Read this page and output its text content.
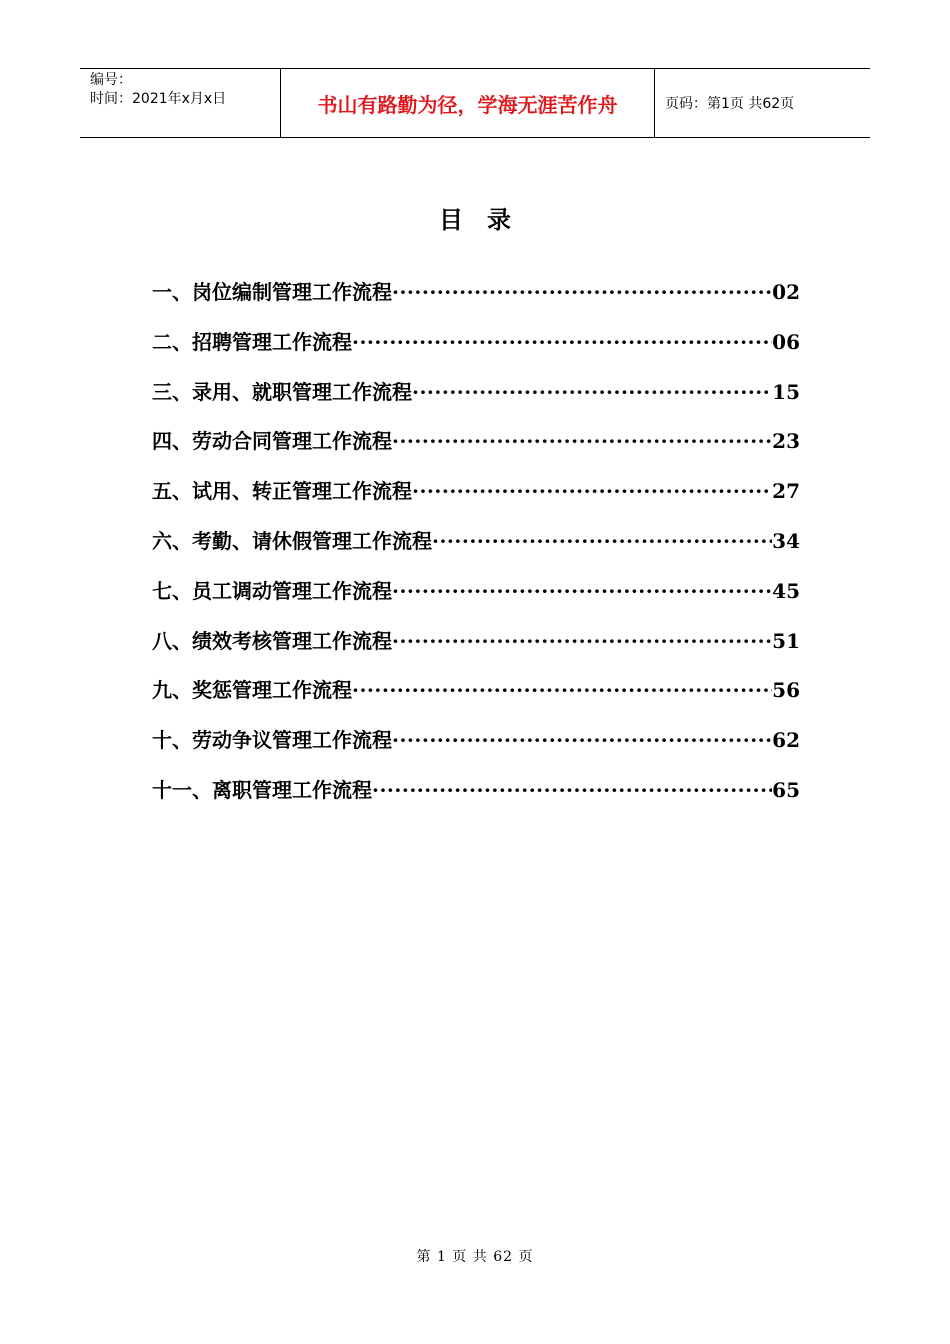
编号：
时间：2021年x月x日	书山有路勤为径，学海无涯苦作舟	页码：第1页 共62页
目录
一、岗位编制管理工作流程 ·····	02
二、招聘管理工作流程 ·····	06
三、录用、就职管理工作流程 ·····	15
四、劳动合同管理工作流程 ·····	23
五、试用、转正管理工作流程 ·····	27
六、考勤、请休假管理工作流程 ·····	34
七、员工调动管理工作流程 ·····	45
八、绩效考核管理工作流程 ·····	51
九、奖惩管理工作流程 ·····	56
十、劳动争议管理工作流程 ·····	62
十一、离职管理工作流程 ·····	65
第 1 页 共 62 页
